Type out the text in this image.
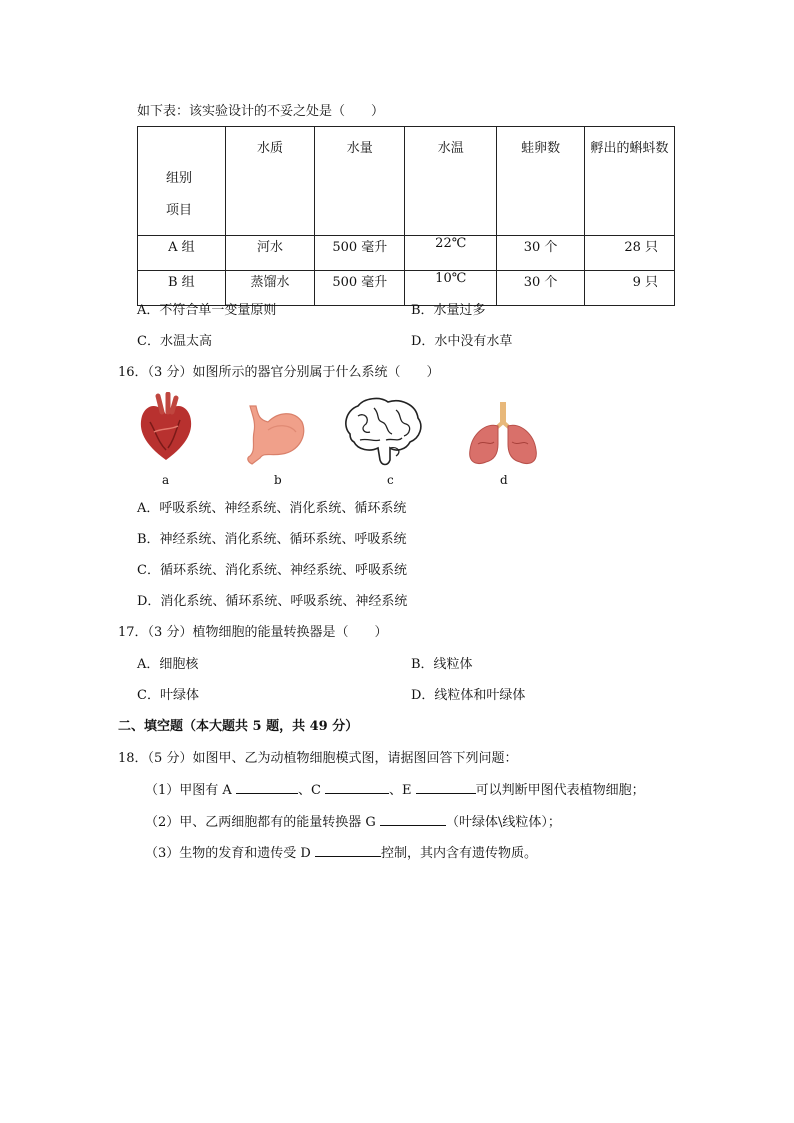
如下表：该实验设计的不妥之处是（　　）
组别
项目	水质	水量	水温	蛙卵数	孵出的蝌蚪数
A 组	河水	500 毫升	22℃	30 个	28 只
B 组	蒸馏水	500 毫升	10℃	30 个	9 只
A．不符合单一变量原则	B．水量过多
C．水温太高	D．水中没有水草
16．（3 分）如图所示的器官分别属于什么系统（　　）
a	b	c	d
A．呼吸系统、神经系统、消化系统、循环系统
B．神经系统、消化系统、循环系统、呼吸系统
C．循环系统、消化系统、神经系统、呼吸系统
D．消化系统、循环系统、呼吸系统、神经系统
17．（3 分）植物细胞的能量转换器是（　　）
A．细胞核	B．线粒体
C．叶绿体	D．线粒体和叶绿体
二、填空题（本大题共 5 题，共 49 分）
18．（5 分）如图甲、乙为动植物细胞模式图，请据图回答下列问题：
（1）甲图有 A	、C	、E	可以判断甲图代表植物细胞；
（2）甲、乙两细胞都有的能量转换器 G	（叶绿体\线粒体）；
（3）生物的发育和遗传受 D	控制，其内含有遗传物质。
